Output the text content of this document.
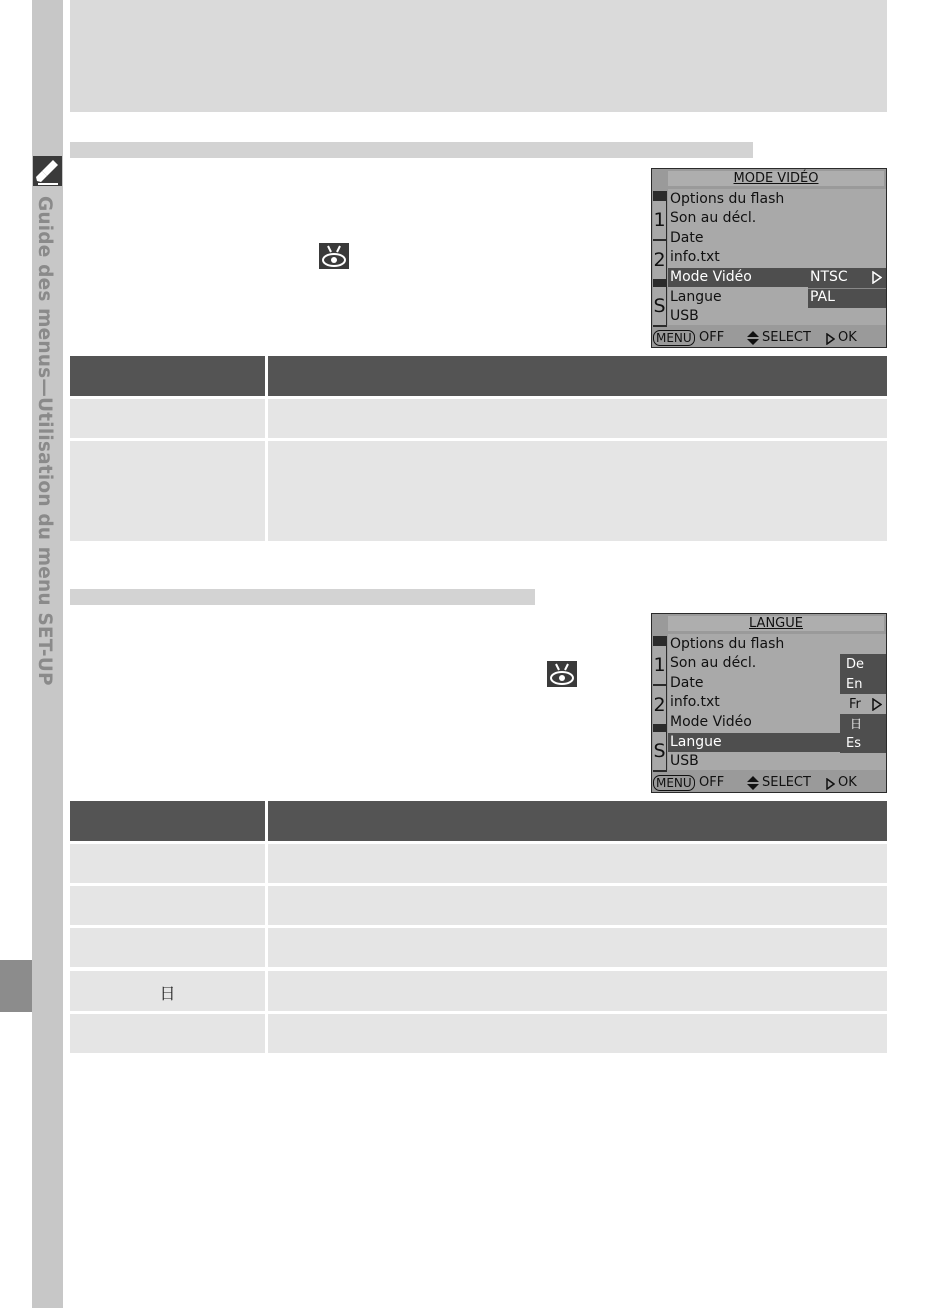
Guide des menus—Utilisation du menu SET-UP
MODE VIDÉO
1
2
S
Options du flash
Son au décl.
Date
info.txt
Mode Vidéo
Langue
USB
NTSC
PAL
MENU OFF	SELECT OK
LANGUE
1
2
S
Options du flash
Son au décl.
Date
info.txt
Mode Vidéo
Langue
USB
De
En
Fr
日
Es
MENU OFF	SELECT OK
日
